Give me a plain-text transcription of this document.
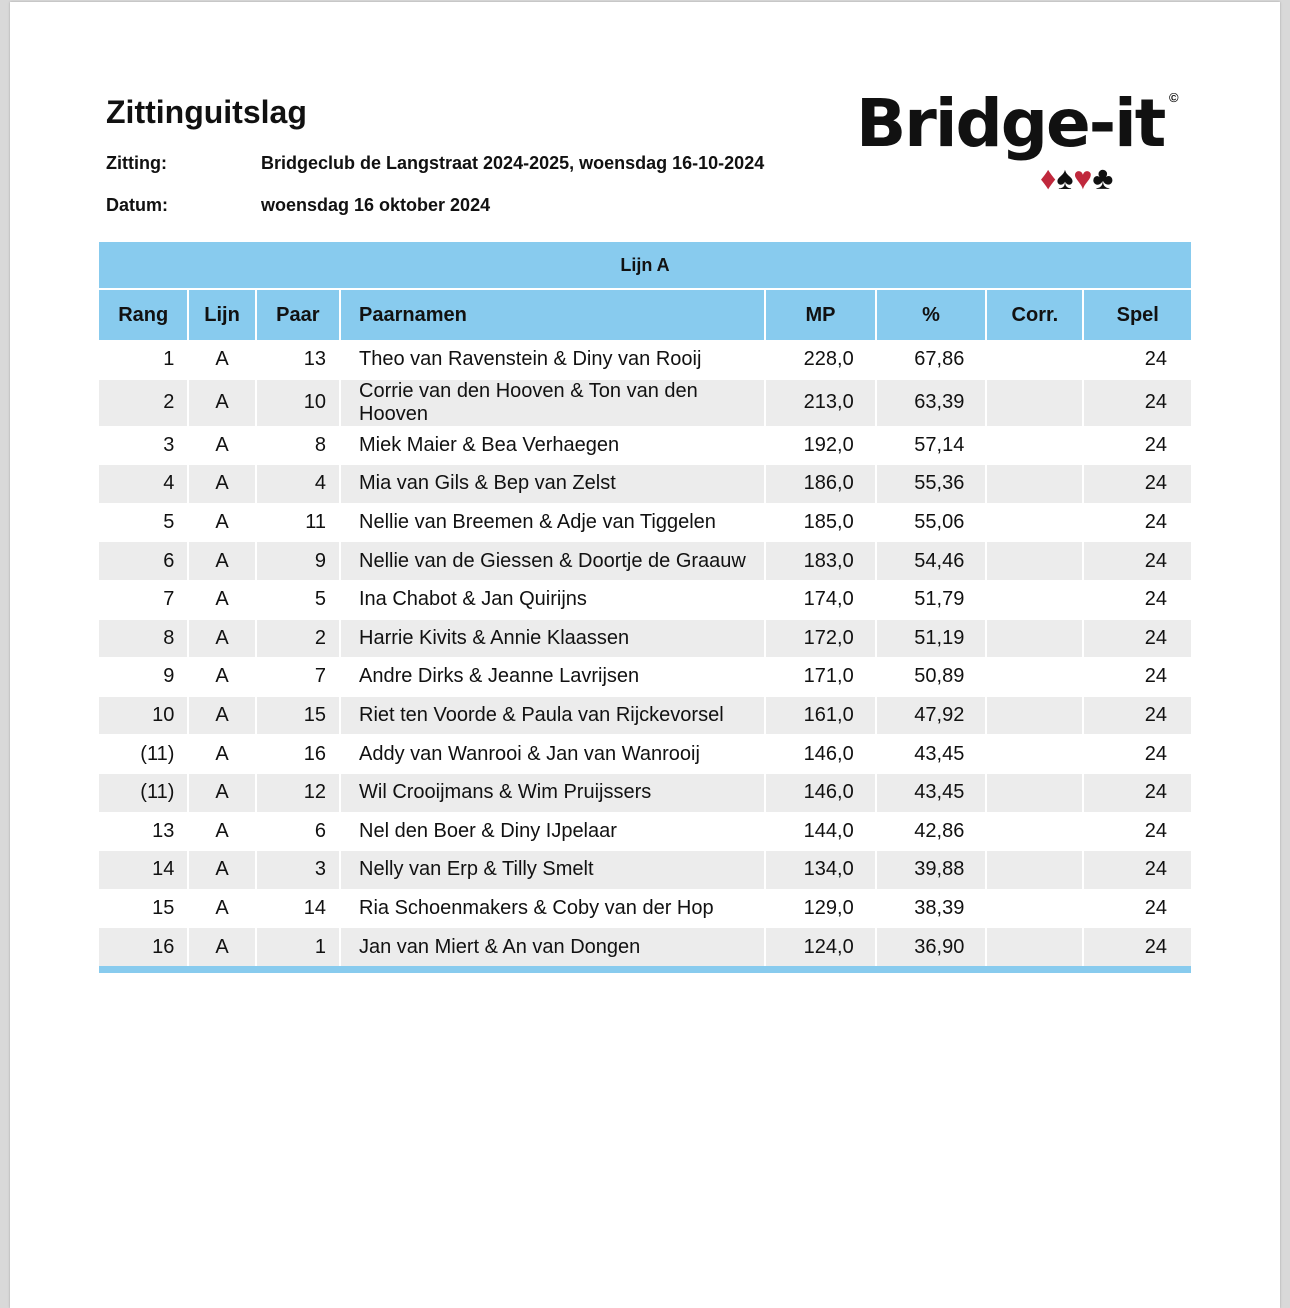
Zittinguitslag
Zitting:	Bridgeclub de Langstraat 2024-2025, woensdag 16-10-2024
Datum:	woensdag 16 oktober 2024
Bridge-it ©
♦♠♥♣
Lijn A							
Rang	Lijn	Paar	Paarnamen	MP	%	Corr.	Spel
1	A	13	Theo van Ravenstein & Diny van Rooij	228,0	67,86		24
2	A	10	Corrie van den Hooven & Ton van den Hooven	213,0	63,39		24
3	A	8	Miek Maier & Bea Verhaegen	192,0	57,14		24
4	A	4	Mia van Gils & Bep van Zelst	186,0	55,36		24
5	A	11	Nellie van Breemen & Adje van Tiggelen	185,0	55,06		24
6	A	9	Nellie van de Giessen & Doortje de Graauw	183,0	54,46		24
7	A	5	Ina Chabot & Jan Quirijns	174,0	51,79		24
8	A	2	Harrie Kivits & Annie Klaassen	172,0	51,19		24
9	A	7	Andre Dirks & Jeanne Lavrijsen	171,0	50,89		24
10	A	15	Riet ten Voorde & Paula van Rijckevorsel	161,0	47,92		24
(11)	A	16	Addy van Wanrooi & Jan van Wanrooij	146,0	43,45		24
(11)	A	12	Wil Crooijmans & Wim Pruijssers	146,0	43,45		24
13	A	6	Nel den Boer & Diny IJpelaar	144,0	42,86		24
14	A	3	Nelly van Erp & Tilly Smelt	134,0	39,88		24
15	A	14	Ria Schoenmakers & Coby van der Hop	129,0	38,39		24
16	A	1	Jan van Miert & An van Dongen	124,0	36,90		24
